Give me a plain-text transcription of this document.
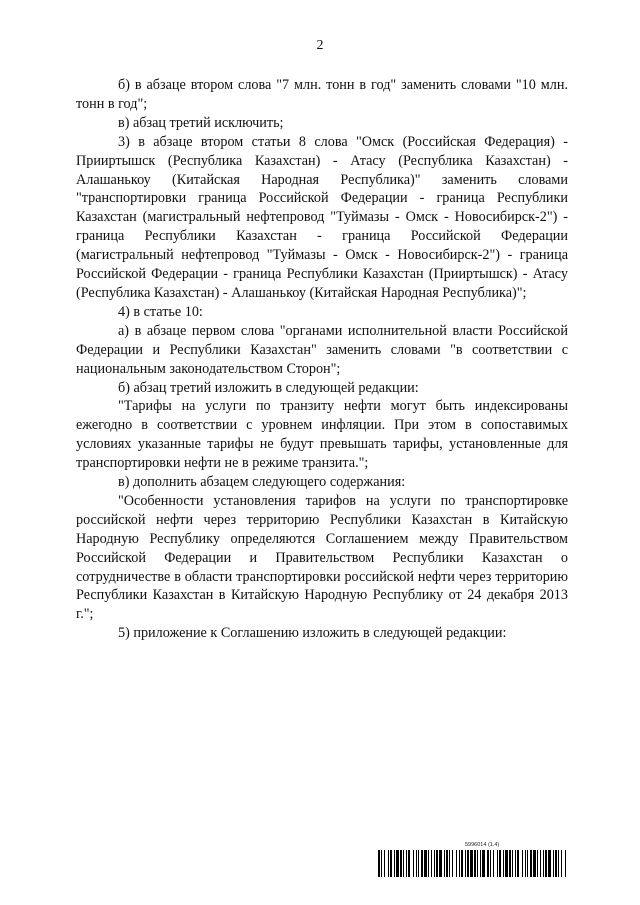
2

б) в абзаце втором слова "7 млн. тонн в год" заменить словами "10 млн. тонн в год";

в) абзац третий исключить;

3) в абзаце втором статьи 8 слова "Омск (Российская Федерация) - Прииртышск (Республика Казахстан) - Атасу (Республика Казахстан) - Алашанькоу (Китайская Народная Республика)" заменить словами "транспортировки граница Российской Федерации - граница Республики Казахстан (магистральный нефтепровод "Туймазы - Омск - Новосибирск-2") - граница Республики Казахстан - граница Российской Федерации (магистральный нефтепровод "Туймазы - Омск - Новосибирск-2") - граница Российской Федерации - граница Республики Казахстан (Прииртышск) - Атасу (Республика Казахстан) - Алашанькоу (Китайская Народная Республика)";

4) в статье 10:

а) в абзаце первом слова "органами исполнительной власти Российской Федерации и Республики Казахстан" заменить словами "в соответствии с национальным законодательством Сторон";

б) абзац третий изложить в следующей редакции:

"Тарифы на услуги по транзиту нефти могут быть индексированы ежегодно в соответствии с уровнем инфляции. При этом в сопоставимых условиях указанные тарифы не будут превышать тарифы, установленные для транспортировки нефти не в режиме транзита.";

в) дополнить абзацем следующего содержания:

"Особенности установления тарифов на услуги по транспортировке российской нефти через территорию Республики Казахстан в Китайскую Народную Республику определяются Соглашением между Правительством Российской Федерации и Правительством Республики Казахстан о сотрудничестве в области транспортировки российской нефти через территорию Республики Казахстан в Китайскую Народную Республику от 24 декабря 2013 г.";

5) приложение к Соглашению изложить в следующей редакции:

5996014 (1.4)
